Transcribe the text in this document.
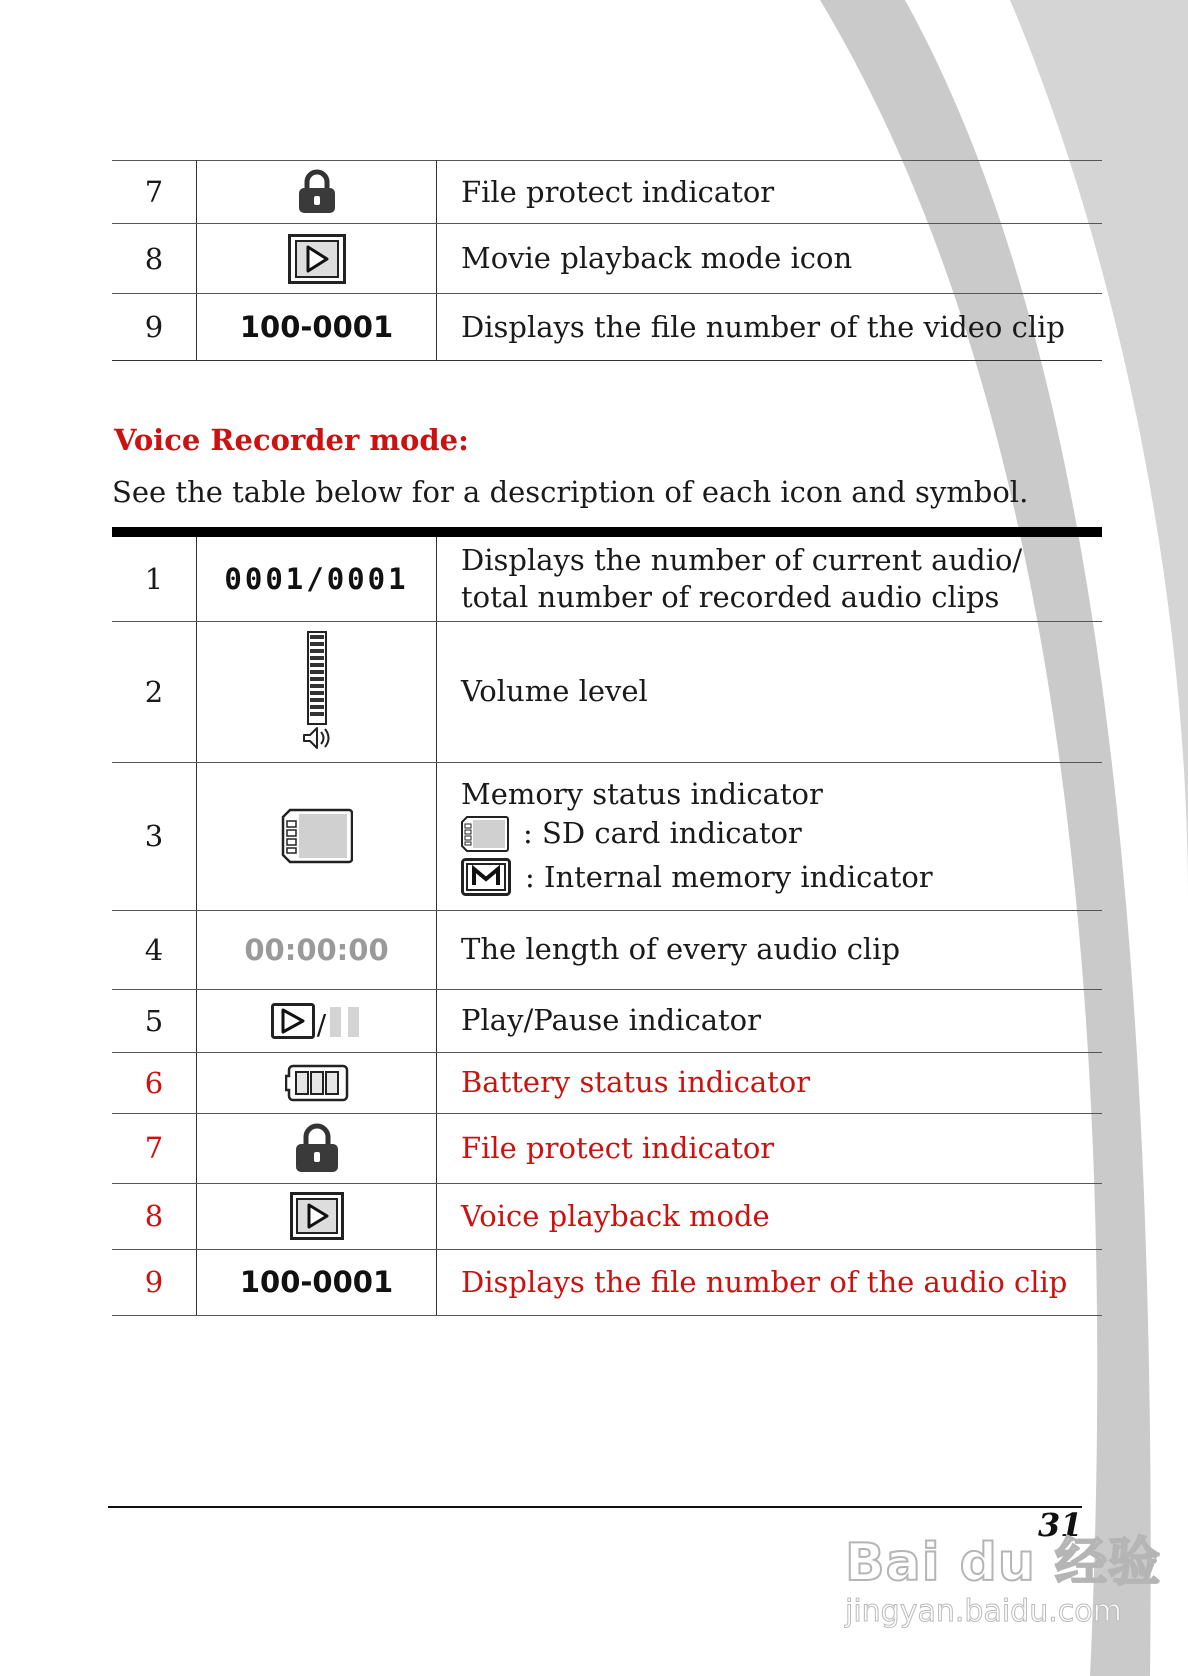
7		File protect indicator
8		Movie playback mode icon
9	100-0001	Displays the file number of the video clip
Voice Recorder mode:
See the table below for a description of each icon and symbol.
1	0001/0001	Displays the number of current audio/
total number of recorded audio clips

2		Volume level
3		Memory status indicator
: SD card indicator
: Internal memory indicator

4	00:00:00	The length of every audio clip
5	/	Play/Pause indicator
6		Battery status indicator
7		File protect indicator
8		Voice playback mode
9	100-0001	Displays the file number of the audio clip
31
Bai du 经验
jingyan.baidu.com
